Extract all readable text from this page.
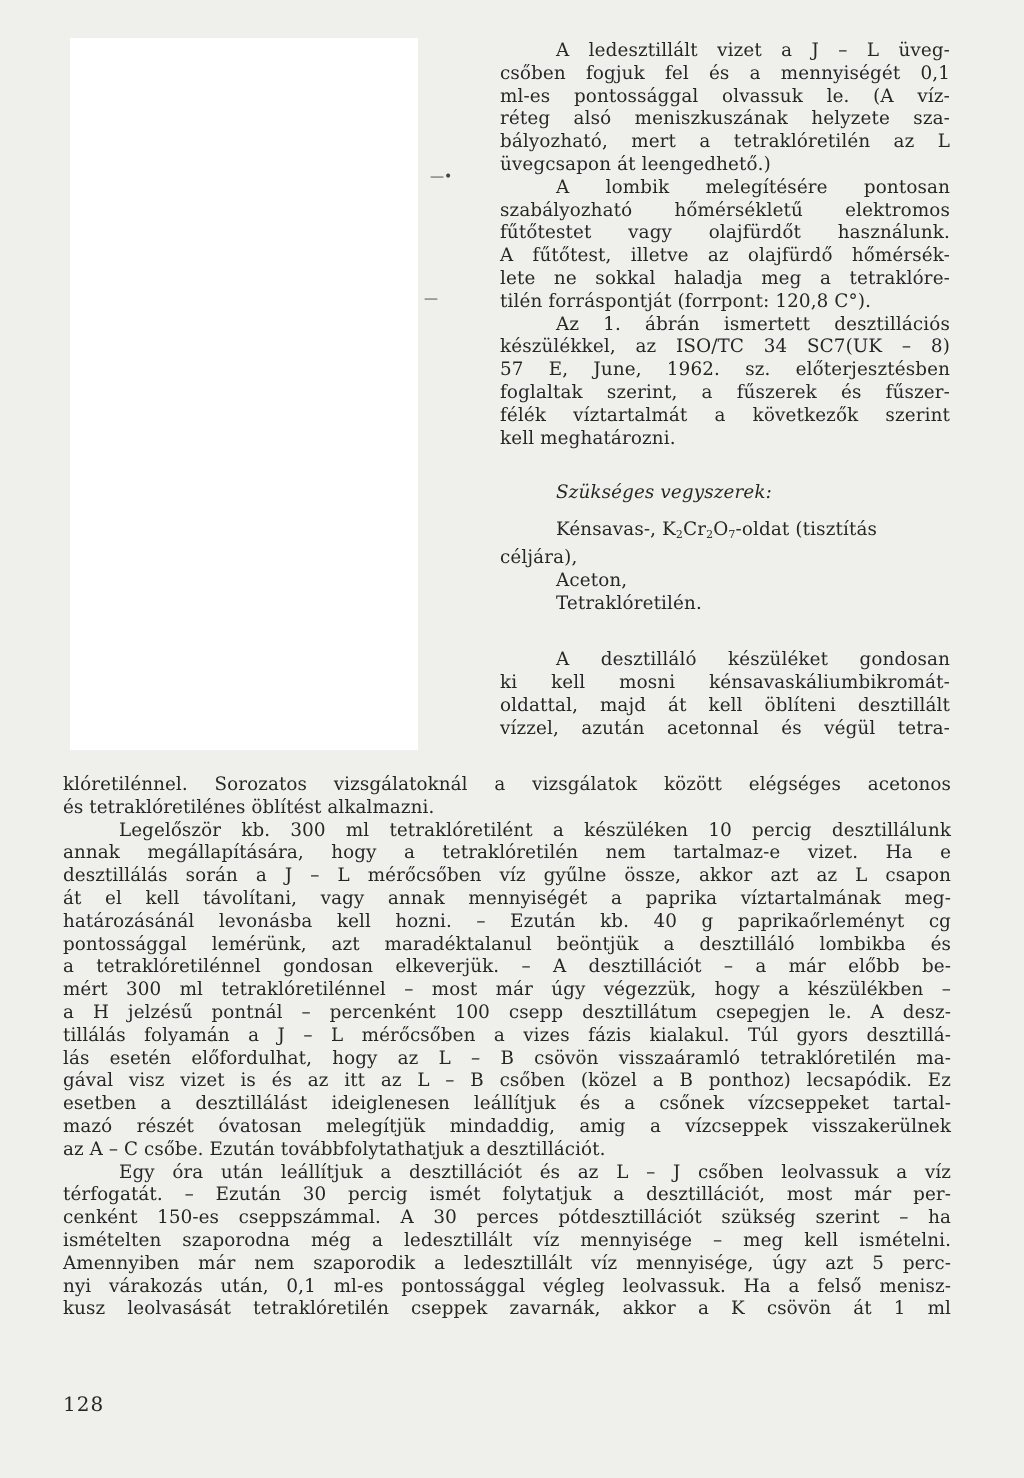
—•
—
A ledesztillált vizet a J – L üveg-
csőben fogjuk fel és a mennyiségét 0,1
ml-es pontossággal olvassuk le. (A víz-
réteg alsó meniszkuszának helyzete sza-
bályozható, mert a tetraklóretilén az L
üvegcsapon át leengedhető.)
A lombik melegítésére pontosan
szabályozható hőmérsékletű elektromos
fűtőtestet vagy olajfürdőt használunk.
A fűtőtest, illetve az olajfürdő hőmérsék-
lete ne sokkal haladja meg a tetraklóre-
tilén forráspontját (forrpont: 120,8 C°).
Az 1. ábrán ismertett desztillációs
készülékkel, az ISO/TC 34 SC7(UK – 8)
57 E, June, 1962. sz. előterjesztésben
foglaltak szerint, a fűszerek és fűszer-
félék víztartalmát a következők szerint
kell meghatározni.
Szükséges vegyszerek:
Kénsavas-, $K_2Cr_2O_7$-oldat (tisztítás
céljára),
Aceton,
Tetraklóretilén.
A desztilláló készüléket gondosan
ki kell mosni kénsavaskáliumbikromát-
oldattal, majd át kell öblíteni desztillált
vízzel, azután acetonnal és végül tetra-
klóretilénnel. Sorozatos vizsgálatoknál a vizsgálatok között elégséges acetonos
és tetraklóretilénes öblítést alkalmazni.
Legelőször kb. 300 ml tetraklóretilént a készüléken 10 percig desztillálunk
annak megállapítására, hogy a tetraklóretilén nem tartalmaz-e vizet. Ha e
desztillálás során a J – L mérőcsőben víz gyűlne össze, akkor azt az L csapon
át el kell távolítani, vagy annak mennyiségét a paprika víztartalmának meg-
határozásánál levonásba kell hozni. – Ezután kb. 40 g paprikaőrleményt cg
pontossággal lemérünk, azt maradéktalanul beöntjük a desztilláló lombikba és
a tetraklóretilénnel gondosan elkeverjük. – A desztillációt – a már előbb be-
mért 300 ml tetraklóretilénnel – most már úgy végezzük, hogy a készülékben –
a H jelzésű pontnál – percenként 100 csepp desztillátum csepegjen le. A desz-
tillálás folyamán a J – L mérőcsőben a vizes fázis kialakul. Túl gyors desztillá-
lás esetén előfordulhat, hogy az L – B csövön visszaáramló tetraklóretilén ma-
gával visz vizet is és az itt az L – B csőben (közel a B ponthoz) lecsapódik. Ez
esetben a desztillálást ideiglenesen leállítjuk és a csőnek vízcseppeket tartal-
mazó részét óvatosan melegítjük mindaddig, amig a vízcseppek visszakerülnek
az A – C csőbe. Ezután továbbfolytathatjuk a desztillációt.
Egy óra után leállítjuk a desztillációt és az L – J csőben leolvassuk a víz
térfogatát. – Ezután 30 percig ismét folytatjuk a desztillációt, most már per-
cenként 150-es cseppszámmal. A 30 perces pótdesztillációt szükség szerint – ha
ismételten szaporodna még a ledesztillált víz mennyisége – meg kell ismételni.
Amennyiben már nem szaporodik a ledesztillált víz mennyisége, úgy azt 5 perc-
nyi várakozás után, 0,1 ml-es pontossággal végleg leolvassuk. Ha a felső menisz-
kusz leolvasását tetraklóretilén cseppek zavarnák, akkor a K csövön át 1 ml
128
